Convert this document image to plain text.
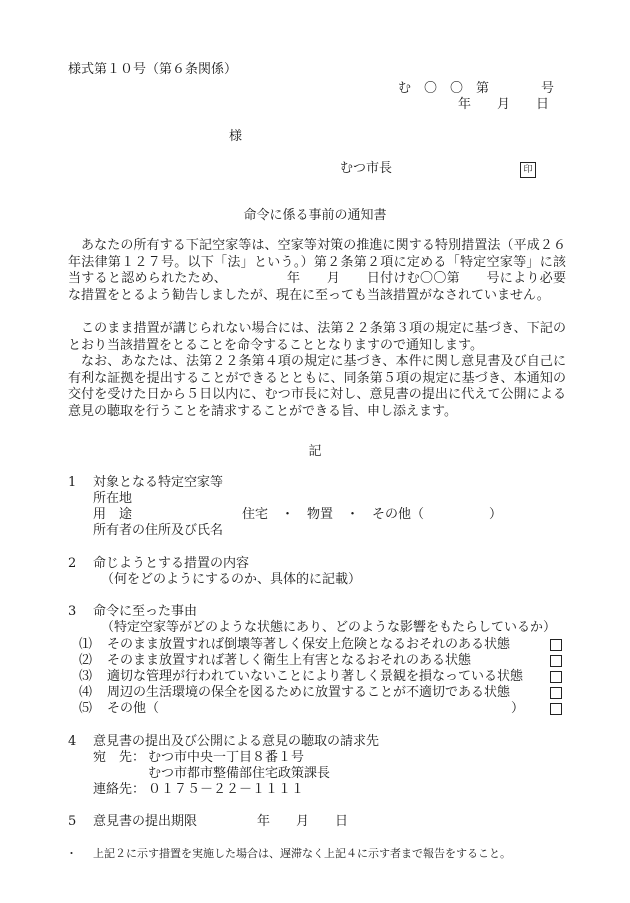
様式第１０号（第６条関係）
む　〇　〇　第　　　　号
年　　月　　日
様
むつ市長	印
命令に係る事前の通知書
あなたの所有する下記空家等は、空家等対策の推進に関する特別措置法（平成２６年法律第１２７号。以下「法」という。）第２条第２項に定める「特定空家等」に該当すると認められたため、　　　　　年　　月　　日付けむ〇〇第　　号により必要な措置をとるよう勧告しましたが、現在に至っても当該措置がなされていません。
このまま措置が講じられない場合には、法第２２条第３項の規定に基づき、下記のとおり当該措置をとることを命令することとなりますので通知します。
なお、あなたは、法第２２条第４項の規定に基づき、本件に関し意見書及び自己に有利な証拠を提出することができるとともに、同条第５項の規定に基づき、本通知の交付を受けた日から５日以内に、むつ市長に対し、意見書の提出に代えて公開による意見の聴取を行うことを請求することができる旨、申し添えます。
記
1 対象となる特定空家等
所在地
用　途	住宅　・　物置　・　その他（　　　　　）
所有者の住所及び氏名
2 命じようとする措置の内容
（何をどのようにするのか、具体的に記載）
3 命令に至った事由
（特定空家等がどのような状態にあり、どのような影響をもたらしているか）
⑴ そのまま放置すれば倒壊等著しく保安上危険となるおそれのある状態
⑵ そのまま放置すれば著しく衛生上有害となるおそれのある状態
⑶ 適切な管理が行われていないことにより著しく景観を損なっている状態
⑷ 周辺の生活環境の保全を図るために放置することが不適切である状態
⑸ その他（	）
4 意見書の提出及び公開による意見の聴取の請求先
宛　先： むつ市中央一丁目８番１号
むつ市都市整備部住宅政策課長
連絡先： ０１７５－２２－１１１１
5 意見書の提出期限	年　　月　　日
・ 上記２に示す措置を実施した場合は、遅滞なく上記４に示す者まで報告をすること。
